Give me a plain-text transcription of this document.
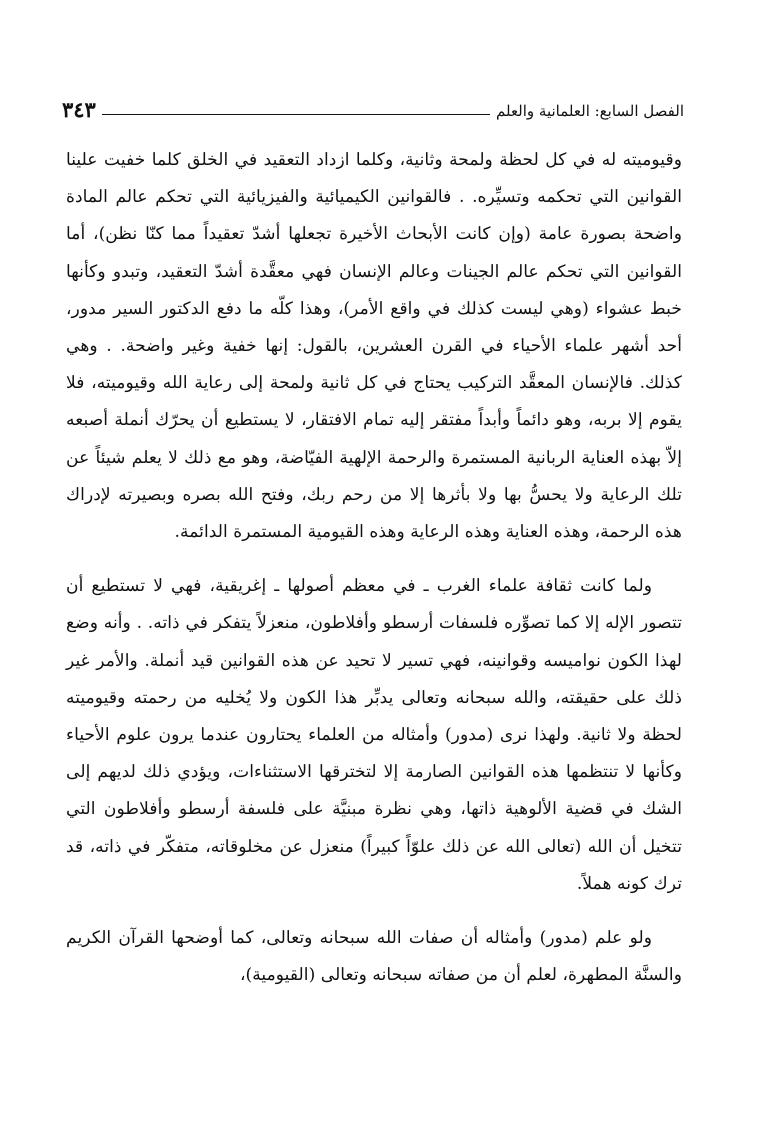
الفصل السابع: العلمانية والعلم
٣٤٣

وقيوميته له في كل لحظة ولمحة وثانية، وكلما ازداد التعقيد في الخلق كلما خفيت علينا القوانين التي تحكمه وتسيِّره. . فالقوانين الكيميائية والفيزيائية التي تحكم عالم المادة واضحة بصورة عامة (وإن كانت الأبحاث الأخيرة تجعلها أشدّ تعقيداً مما كنّا نظن)، أما القوانين التي تحكم عالم الجينات وعالم الإنسان فهي معقَّدة أشدّ التعقيد، وتبدو وكأنها خبط عشواء (وهي ليست كذلك في واقع الأمر)، وهذا كلّه ما دفع الدكتور السير مدور، أحد أشهر علماء الأحياء في القرن العشرين، بالقول: إنها خفية وغير واضحة. . وهي كذلك. فالإنسان المعقَّد التركيب يحتاج في كل ثانية ولمحة إلى رعاية الله وقيوميته، فلا يقوم إلا بربه، وهو دائماً وأبداً مفتقر إليه تمام الافتقار، لا يستطيع أن يحرّك أنملة أصبعه إلاّ بهذه العناية الربانية المستمرة والرحمة الإلهية الفيّاضة، وهو مع ذلك لا يعلم شيئاً عن تلك الرعاية ولا يحسُّ بها ولا بأثرها إلا من رحم ربك، وفتح الله بصره وبصيرته لإدراك هذه الرحمة، وهذه العناية وهذه الرعاية وهذه القيومية المستمرة الدائمة.

ولما كانت ثقافة علماء الغرب ـ في معظم أصولها ـ إغريقية، فهي لا تستطيع أن تتصور الإله إلا كما تصوِّره فلسفات أرسطو وأفلاطون، منعزلاً يتفكر في ذاته. . وأنه وضع لهذا الكون نواميسه وقوانينه، فهي تسير لا تحيد عن هذه القوانين قيد أنملة. والأمر غير ذلك على حقيقته، والله سبحانه وتعالى يدبِّر هذا الكون ولا يُخليه من رحمته وقيوميته لحظة ولا ثانية. ولهذا نرى (مدور) وأمثاله من العلماء يحتارون عندما يرون علوم الأحياء وكأنها لا تنتظمها هذه القوانين الصارمة إلا لتخترقها الاستثناءات، ويؤدي ذلك لديهم إلى الشك في قضية الألوهية ذاتها، وهي نظرة مبنيَّة على فلسفة أرسطو وأفلاطون التي تتخيل أن الله (تعالى الله عن ذلك علوّاً كبيراً) منعزل عن مخلوقاته، متفكّر في ذاته، قد ترك كونه هملاً.

ولو علم (مدور) وأمثاله أن صفات الله سبحانه وتعالى، كما أوضحها القرآن الكريم والسنَّة المطهرة، لعلم أن من صفاته سبحانه وتعالى (القيومية)،
